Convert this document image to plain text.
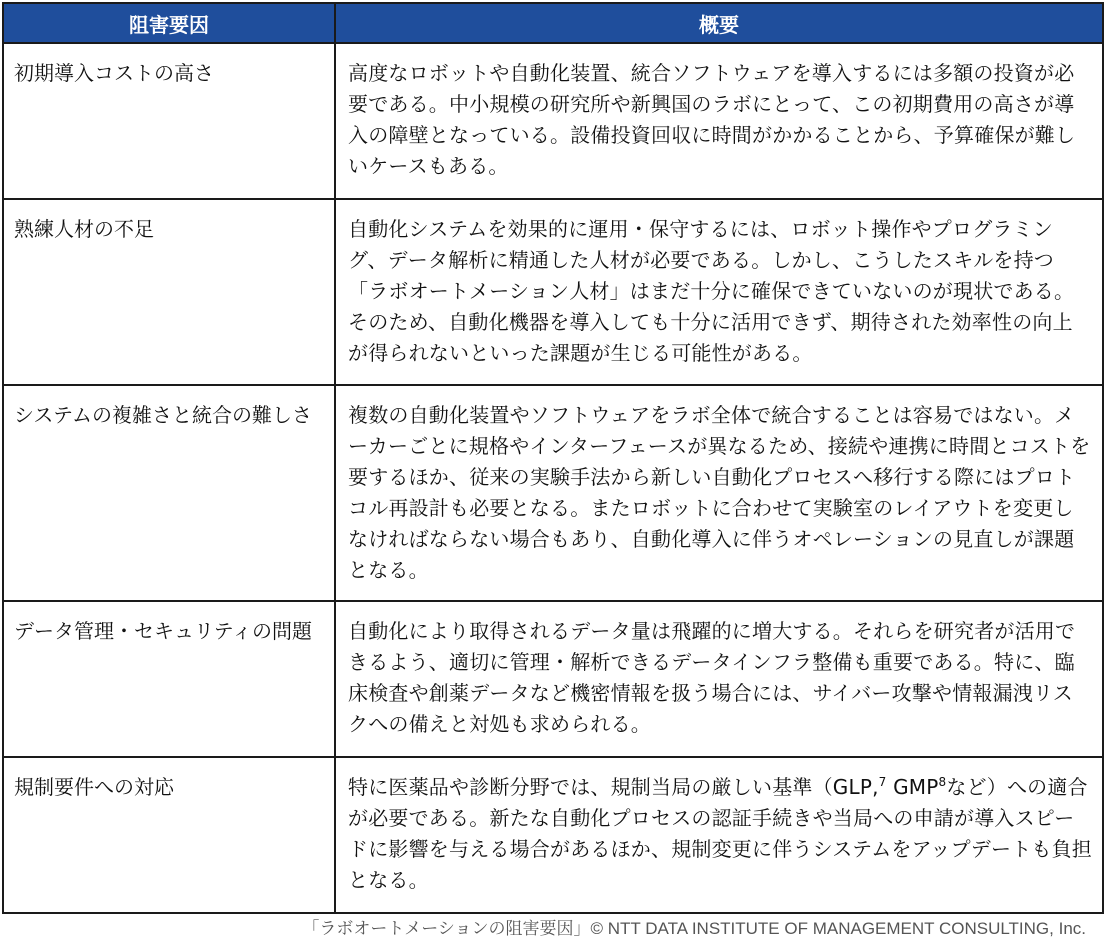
阻害要因	概要
初期導入コストの高さ	高度なロボットや自動化装置、統合ソフトウェアを導入するには多額の投資が必要である。中小規模の研究所や新興国のラボにとって、この初期費用の高さが導入の障壁となっている。設備投資回収に時間がかかることから、予算確保が難しいケースもある。
熟練人材の不足	自動化システムを効果的に運用・保守するには、ロボット操作やプログラミング、データ解析に精通した人材が必要である。しかし、こうしたスキルを持つ「ラボオートメーション人材」はまだ十分に確保できていないのが現状である。そのため、自動化機器を導入しても十分に活用できず、期待された効率性の向上が得られないといった課題が生じる可能性がある。
システムの複雑さと統合の難しさ	複数の自動化装置やソフトウェアをラボ全体で統合することは容易ではない。メーカーごとに規格やインターフェースが異なるため、接続や連携に時間とコストを要するほか、従来の実験手法から新しい自動化プロセスへ移行する際にはプロトコル再設計も必要となる。またロボットに合わせて実験室のレイアウトを変更しなければならない場合もあり、自動化導入に伴うオペレーションの見直しが課題となる。
データ管理・セキュリティの問題	自動化により取得されるデータ量は飛躍的に増大する。それらを研究者が活用できるよう、適切に管理・解析できるデータインフラ整備も重要である。特に、臨床検査や創薬データなど機密情報を扱う場合には、サイバー攻撃や情報漏洩リスクへの備えと対処も求められる。
規制要件への対応	特に医薬品や診断分野では、規制当局の厳しい基準（GLP,$^7$ GMP$^8$など）への適合が必要である。新たな自動化プロセスの認証手続きや当局への申請が導入スピードに影響を与える場合があるほか、規制変更に伴うシステムをアップデートも負担となる。
「ラボオートメーションの阻害要因」© NTT DATA INSTITUTE OF MANAGEMENT CONSULTING, Inc.
